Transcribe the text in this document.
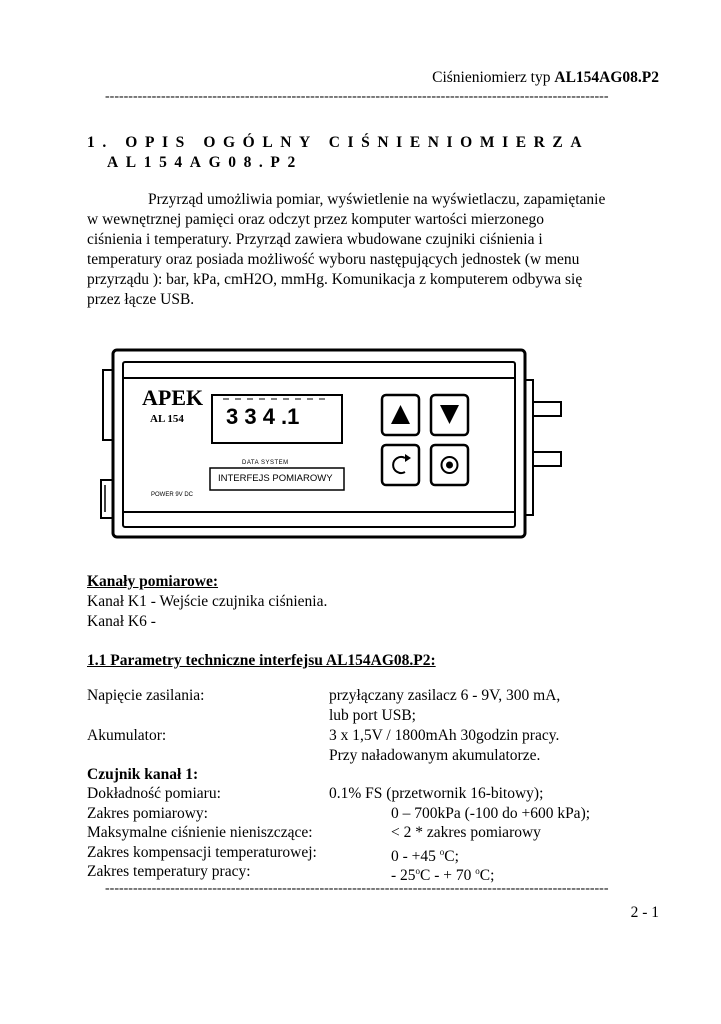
Ciśnieniomierz typ AL154AG08.P2
------------------------------------------------------------------------------------------------------------
1. OPIS OGÓLNY CIŚNIENIOMIERZA
AL154AG08.P2
Przyrząd umożliwia pomiar, wyświetlenie na wyświetlaczu, zapamiętanie
w wewnętrznej pamięci oraz odczyt przez komputer wartości mierzonego
ciśnienia i temperatury. Przyrząd zawiera wbudowane czujniki ciśnienia i
temperatury oraz posiada możliwość wyboru następujących jednostek (w menu
przyrządu ): bar, kPa, cmH2O, mmHg. Komunikacja z komputerem odbywa się
przez łącze USB.
APEK
AL 154 3 3 4 .1
DATA SYSTEM
INTERFEJS POMIAROWY
POWER 9V DC
Kanały pomiarowe:
Kanał K1 - Wejście czujnika ciśnienia.
Kanał K6 -
1.1 Parametry techniczne interfejsu AL154AG08.P2:
Napięcie zasilania:	przyłączany zasilacz 6 - 9V, 300 mA,
lub port USB;
Akumulator:	3 x 1,5V / 1800mAh 30godzin pracy.
Przy naładowanym akumulatorze.
Czujnik kanał 1:
Dokładność pomiaru:	0.1% FS (przetwornik 16-bitowy);
Zakres pomiarowy:	0 – 700kPa (-100 do +600 kPa);
Maksymalne ciśnienie nieniszczące:	< 2 * zakres pomiarowy
Zakres kompensacji temperaturowej:	0 - +45 $^o$C;
Zakres temperatury pracy:	- 25$^o$C - + 70 $^o$C;
------------------------------------------------------------------------------------------------------------
2 - 1
